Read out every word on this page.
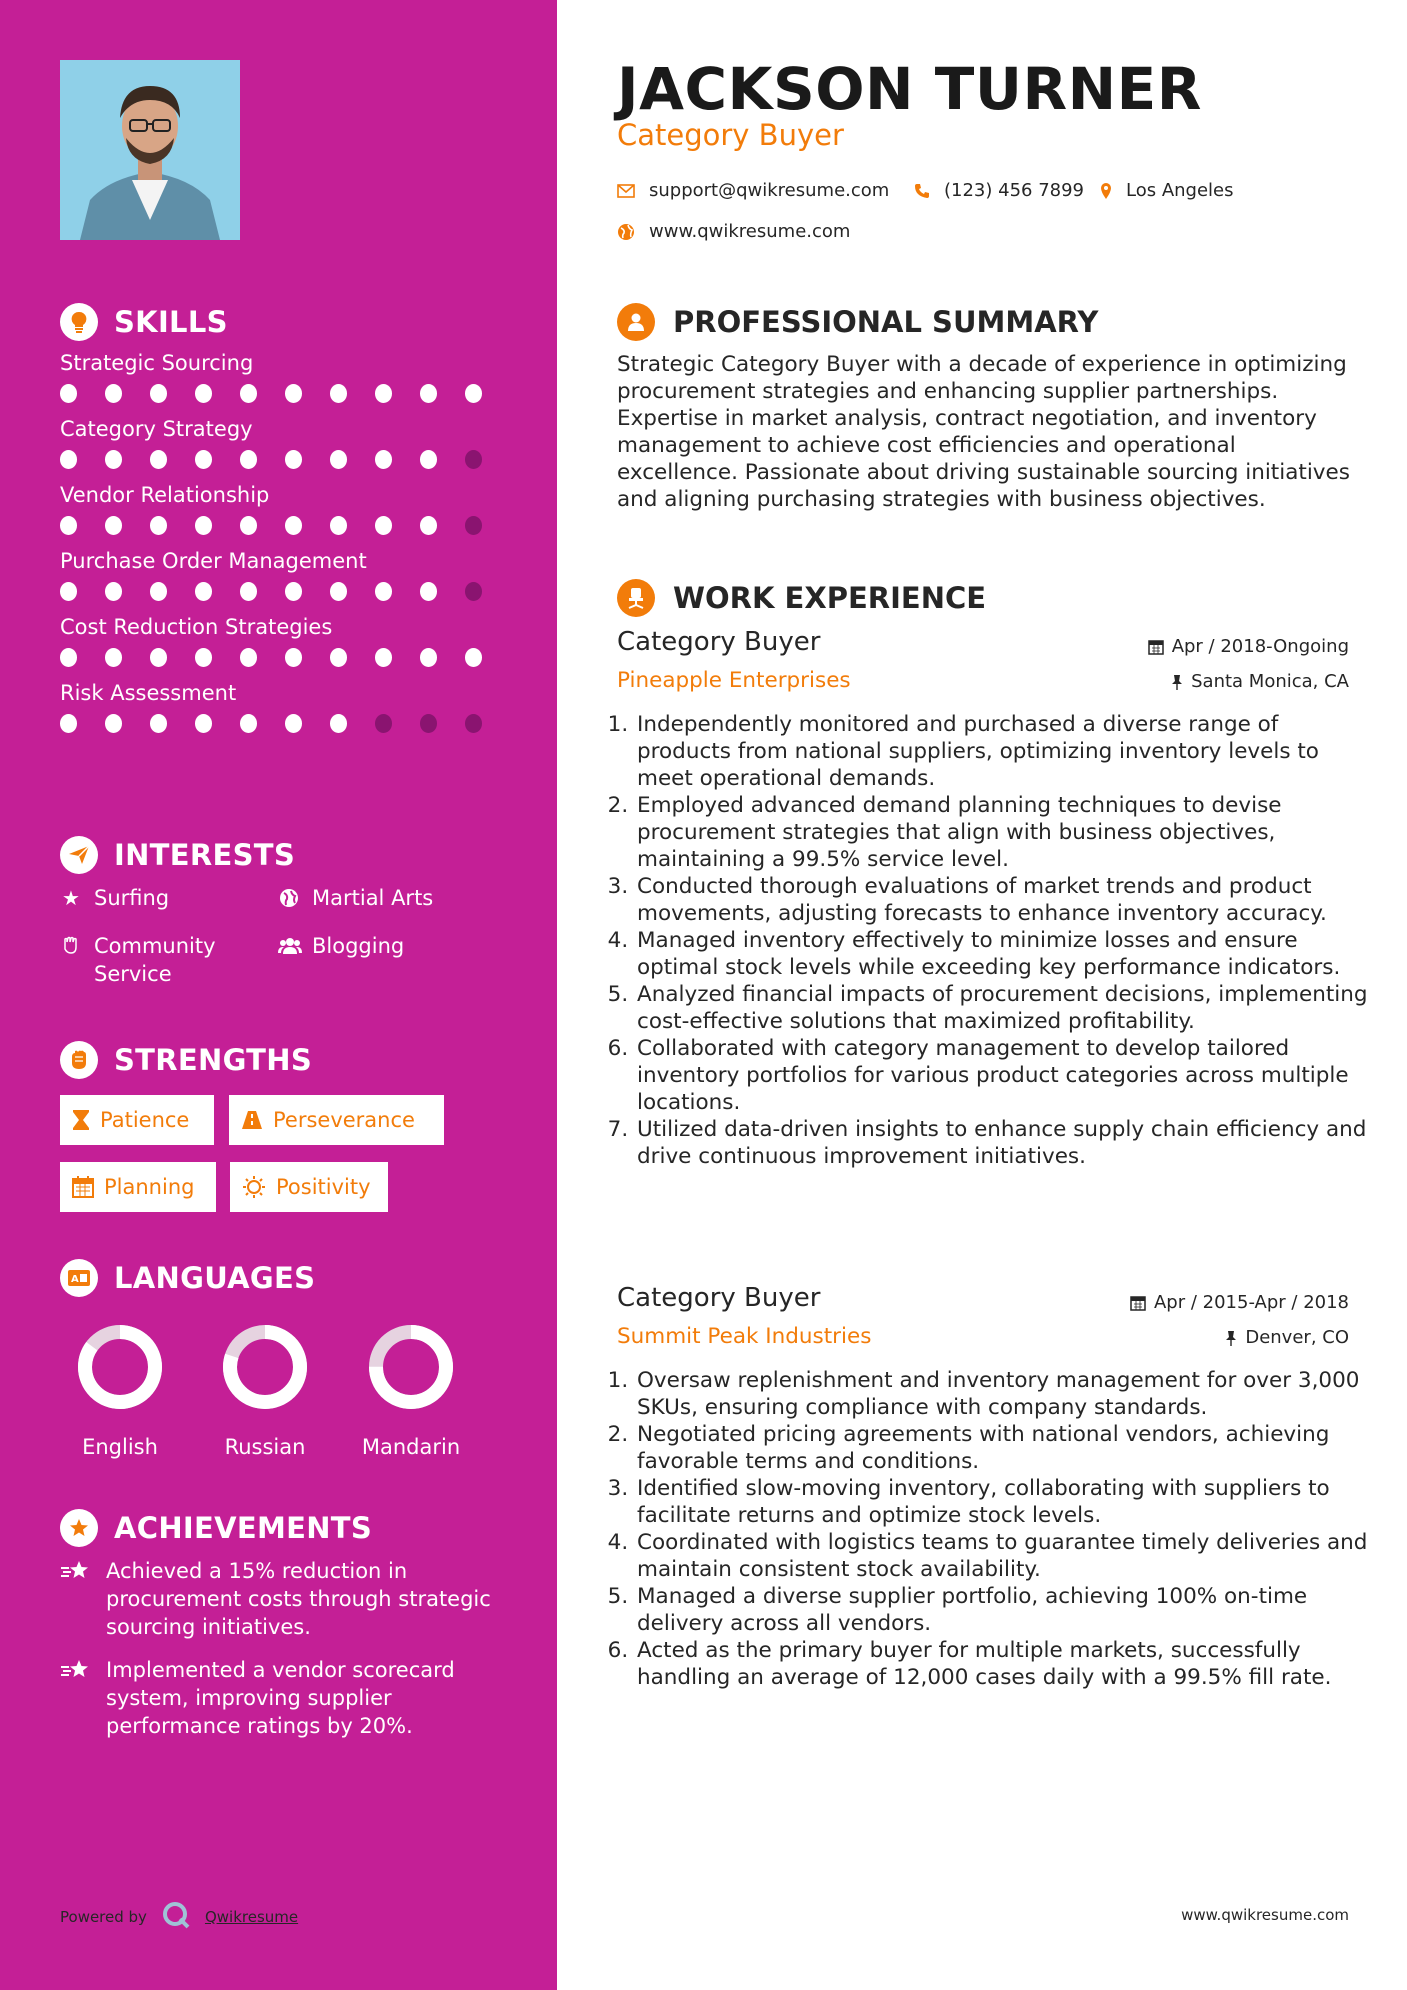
SKILLS
Strategic Sourcing
Category Strategy
Vendor Relationship
Purchase Order Management
Cost Reduction Strategies
Risk Assessment
INTERESTS
★ Surfing	Martial Arts
Community Service
Blogging
STRENGTHS
Patience	Perseverance
Planning	Positivity
A LANGUAGES
English	Russian	Mandarin
ACHIEVEMENTS
Achieved a 15% reduction in procurement costs through strategic sourcing initiatives.
Implemented a vendor scorecard system, improving supplier performance ratings by 20%.
Powered by	Qwikresume
JACKSON TURNER
Category Buyer
support@qwikresume.com	(123) 456 7899 Los Angeles
www.qwikresume.com
PROFESSIONAL SUMMARY
Strategic Category Buyer with a decade of experience in optimizing procurement strategies and enhancing supplier partnerships. Expertise in market analysis, contract negotiation, and inventory management to achieve cost efficiencies and operational excellence. Passionate about driving sustainable sourcing initiatives and aligning purchasing strategies with business objectives.
WORK EXPERIENCE
Category Buyer	Apr / 2018-Ongoing
Pineapple Enterprises	Santa Monica, CA
1. Independently monitored and purchased a diverse range of products from national suppliers, optimizing inventory levels to meet operational demands.
2. Employed advanced demand planning techniques to devise procurement strategies that align with business objectives, maintaining a 99.5% service level.
3. Conducted thorough evaluations of market trends and product movements, adjusting forecasts to enhance inventory accuracy.
4. Managed inventory effectively to minimize losses and ensure optimal stock levels while exceeding key performance indicators.
5. Analyzed financial impacts of procurement decisions, implementing cost-effective solutions that maximized profitability.
6. Collaborated with category management to develop tailored inventory portfolios for various product categories across multiple locations.
7. Utilized data-driven insights to enhance supply chain efficiency and drive continuous improvement initiatives.
Category Buyer	Apr / 2015-Apr / 2018
Summit Peak Industries	Denver, CO
1. Oversaw replenishment and inventory management for over 3,000 SKUs, ensuring compliance with company standards.
2. Negotiated pricing agreements with national vendors, achieving favorable terms and conditions.
3. Identified slow-moving inventory, collaborating with suppliers to facilitate returns and optimize stock levels.
4. Coordinated with logistics teams to guarantee timely deliveries and maintain consistent stock availability.
5. Managed a diverse supplier portfolio, achieving 100% on-time delivery across all vendors.
6. Acted as the primary buyer for multiple markets, successfully handling an average of 12,000 cases daily with a 99.5% fill rate.
www.qwikresume.com
